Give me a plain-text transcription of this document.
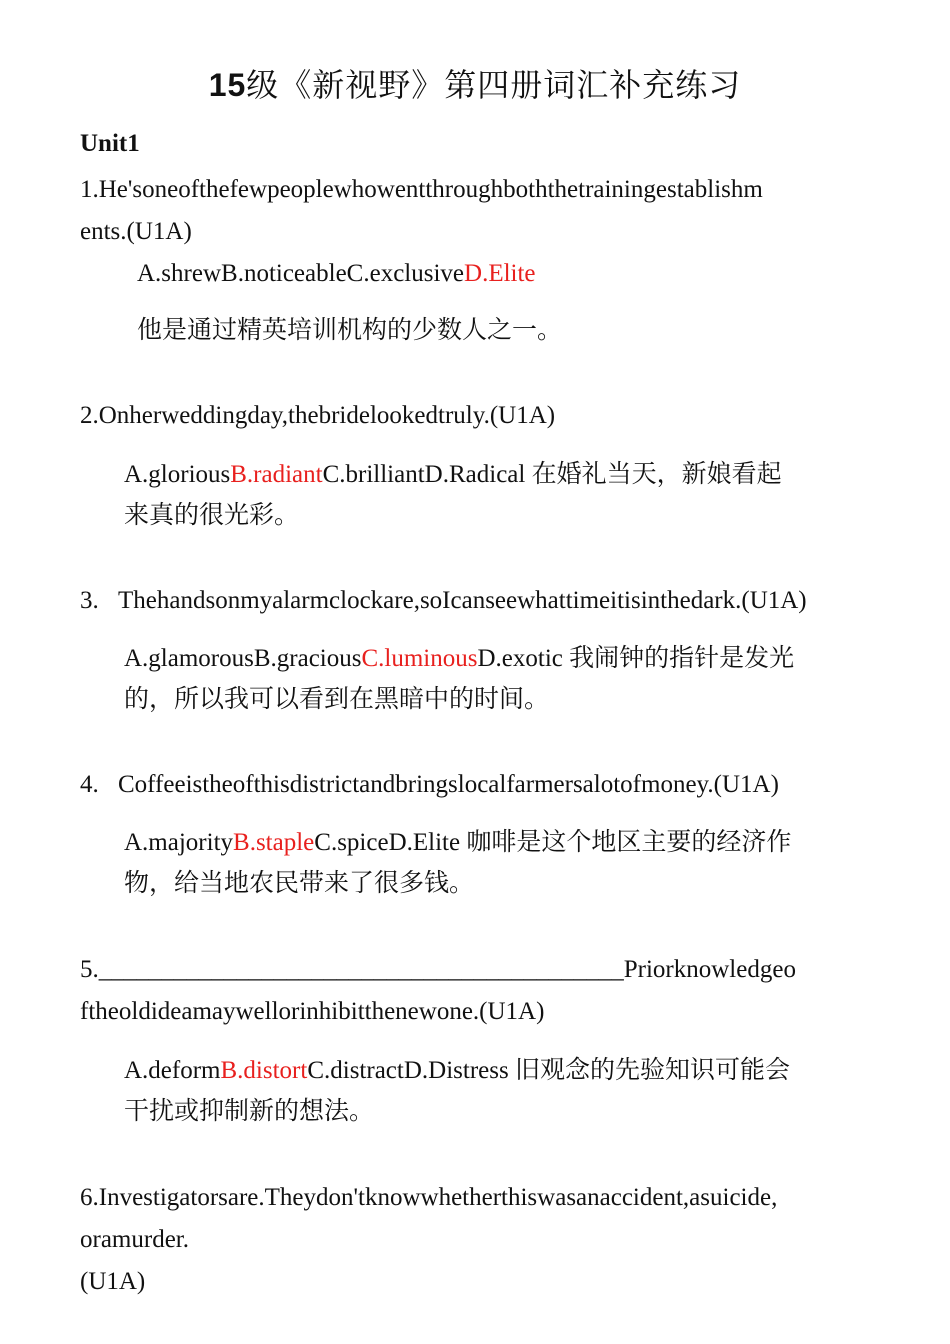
15级《新视野》第四册词汇补充练习
Unit1
1.He'soneofthefewpeoplewhowentthroughboththetrainingestablishm
ents.(U1A)
A.shrewB.noticeableC.exclusiveD.Elite
他是通过精英培训机构的少数人之一。
2.Onherweddingday,thebridelookedtruly.(U1A)
A.gloriousB.radiantC.brilliantD.Radical 在婚礼当天，新娘看起
来真的很光彩。
3. Thehandsonmyalarmclockare,soIcanseewhattimeitisinthedark.(U1A)
A.glamorousB.graciousC.luminousD.exotic 我闹钟的指针是发光
的，所以我可以看到在黑暗中的时间。
4. Coffeeistheofthisdistrictandbringslocalfarmersalotofmoney.(U1A)
A.majorityB.stapleC.spiceD.Elite 咖啡是这个地区主要的经济作
物，给当地农民带来了很多钱。
5.__________________________________________Priorknowledgeo
ftheoldideamaywellorinhibitthenewone.(U1A)
A.deformB.distortC.distractD.Distress 旧观念的先验知识可能会
干扰或抑制新的想法。
6.Investigatorsare.Theydon'tknowwhetherthiswasanaccident,asuicide,
oramurder.
(U1A)
